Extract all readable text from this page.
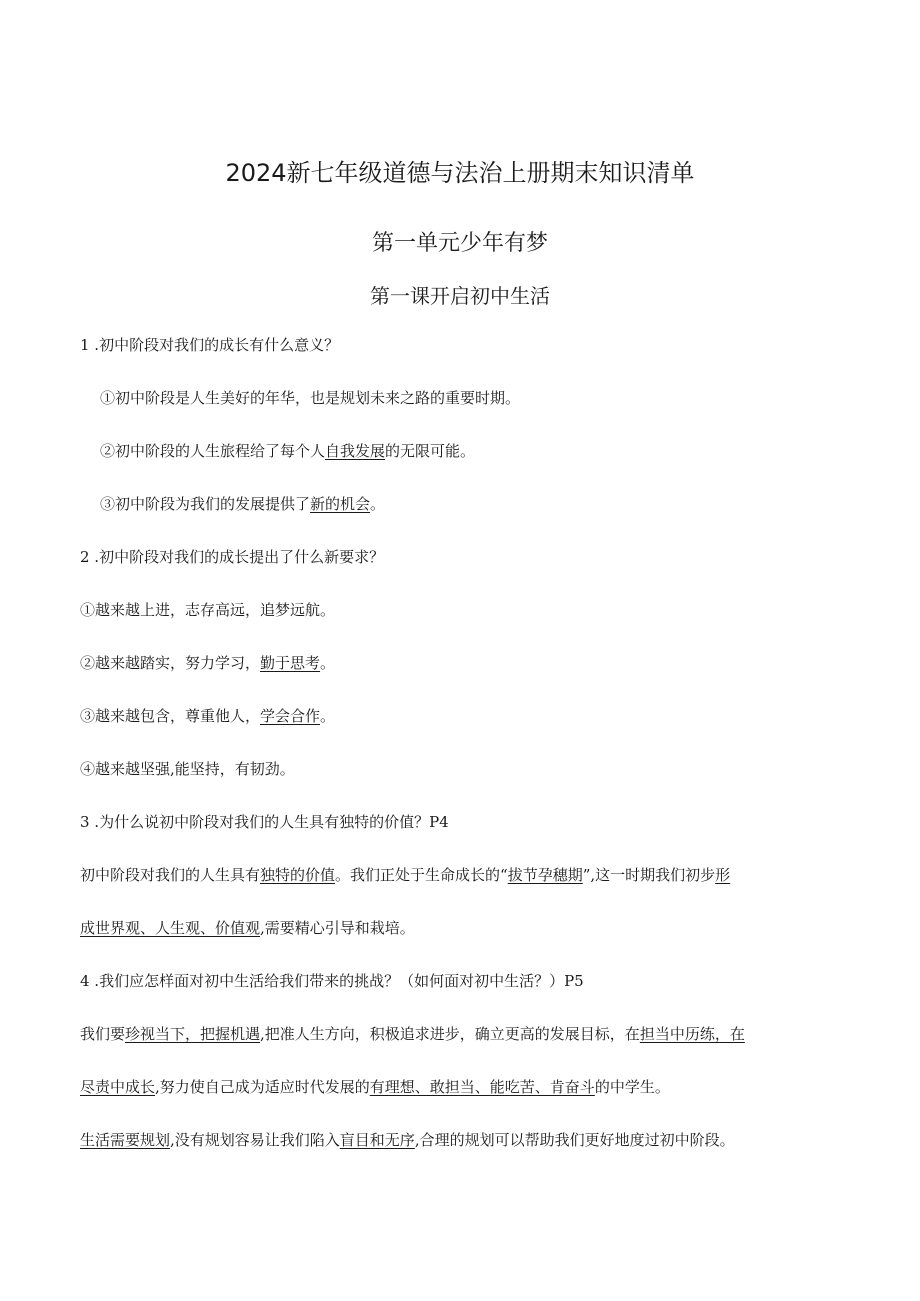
2024新七年级道德与法治上册期末知识清单
第一单元少年有梦
第一课开启初中生活
1 .初中阶段对我们的成长有什么意义？
①初中阶段是人生美好的年华，也是规划未来之路的重要时期。
②初中阶段的人生旅程给了每个人自我发展的无限可能。
③初中阶段为我们的发展提供了新的机会。
2 .初中阶段对我们的成长提出了什么新要求？
①越来越上进，志存高远，追梦远航。
②越来越踏实，努力学习，勤于思考。
③越来越包含，尊重他人，学会合作。
④越来越坚强,能坚持，有韧劲。
3 .为什么说初中阶段对我们的人生具有独特的价值？P4
初中阶段对我们的人生具有独特的价值。我们正处于生命成长的“拔节孕穗期”,这一时期我们初步形
成世界观、人生观、价值观,需要精心引导和栽培。
4 .我们应怎样面对初中生活给我们带来的挑战？（如何面对初中生活？）P5
我们要珍视当下，把握机遇,把准人生方向，积极追求进步，确立更高的发展目标，在担当中历练，在
尽责中成长,努力使自己成为适应时代发展的有理想、敢担当、能吃苦、肯奋斗的中学生。
生活需要规划,没有规划容易让我们陷入盲目和无序,合理的规划可以帮助我们更好地度过初中阶段。
